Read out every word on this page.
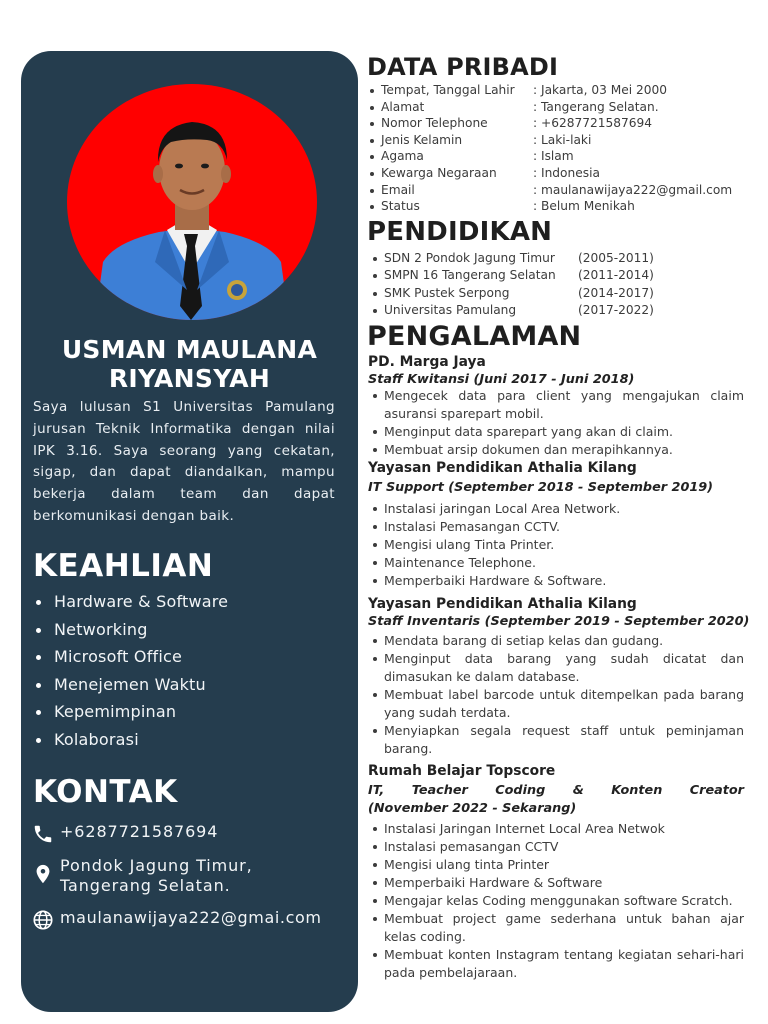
USMAN MAULANA
RIYANSYAH
Saya lulusan S1 Universitas Pamulang jurusan Teknik Informatika dengan nilai IPK 3.16. Saya seorang yang cekatan, sigap, dan dapat diandalkan, mampu bekerja dalam team dan dapat berkomunikasi dengan baik.
KEAHLIAN
Hardware & Software
Networking
Microsoft Office
Menejemen Waktu
Kepemimpinan
Kolaborasi
KONTAK
+6287721587694
Pondok Jagung Timur,
Tangerang Selatan.
maulanawijaya222@gmai.com
DATA PRIBADI
Tempat, Tanggal Lahir : Jakarta, 03 Mei 2000
Alamat	: Tangerang Selatan.
Nomor Telephone	: +6287721587694
Jenis Kelamin	: Laki-laki
Agama	: Islam
Kewarga Negaraan	: Indonesia
Email	: maulanawijaya222@gmail.com
Status	: Belum Menikah
PENDIDIKAN
SDN 2 Pondok Jagung Timur (2005-2011)
SMPN 16 Tangerang Selatan (2011-2014)
SMK Pustek Serpong	(2014-2017)
Universitas Pamulang	(2017-2022)
PENGALAMAN
PD. Marga Jaya
Staff Kwitansi (Juni 2017 - Juni 2018)
Mengecek data para client yang mengajukan claim asuransi sparepart mobil.
Menginput data sparepart yang akan di claim.
Membuat arsip dokumen dan merapihkannya.
Yayasan Pendidikan Athalia Kilang
IT Support (September 2018 - September 2019)
Instalasi jaringan Local Area Network.
Instalasi Pemasangan CCTV.
Mengisi ulang Tinta Printer.
Maintenance Telephone.
Memperbaiki Hardware & Software.
Yayasan Pendidikan Athalia Kilang
Staff Inventaris (September 2019 - September 2020)
Mendata barang di setiap kelas dan gudang.
Menginput data barang yang sudah dicatat dan dimasukan ke dalam database.
Membuat label barcode untuk ditempelkan pada barang yang sudah terdata.
Menyiapkan segala request staff untuk peminjaman barang.
Rumah Belajar Topscore
IT, Teacher Coding & Konten Creator
(November 2022 - Sekarang)
Instalasi Jaringan Internet Local Area Netwok
Instalasi pemasangan CCTV
Mengisi ulang tinta Printer
Memperbaiki Hardware & Software
Mengajar kelas Coding menggunakan software Scratch.
Membuat project game sederhana untuk bahan ajar kelas coding.
Membuat konten Instagram tentang kegiatan sehari-hari pada pembelajaraan.
